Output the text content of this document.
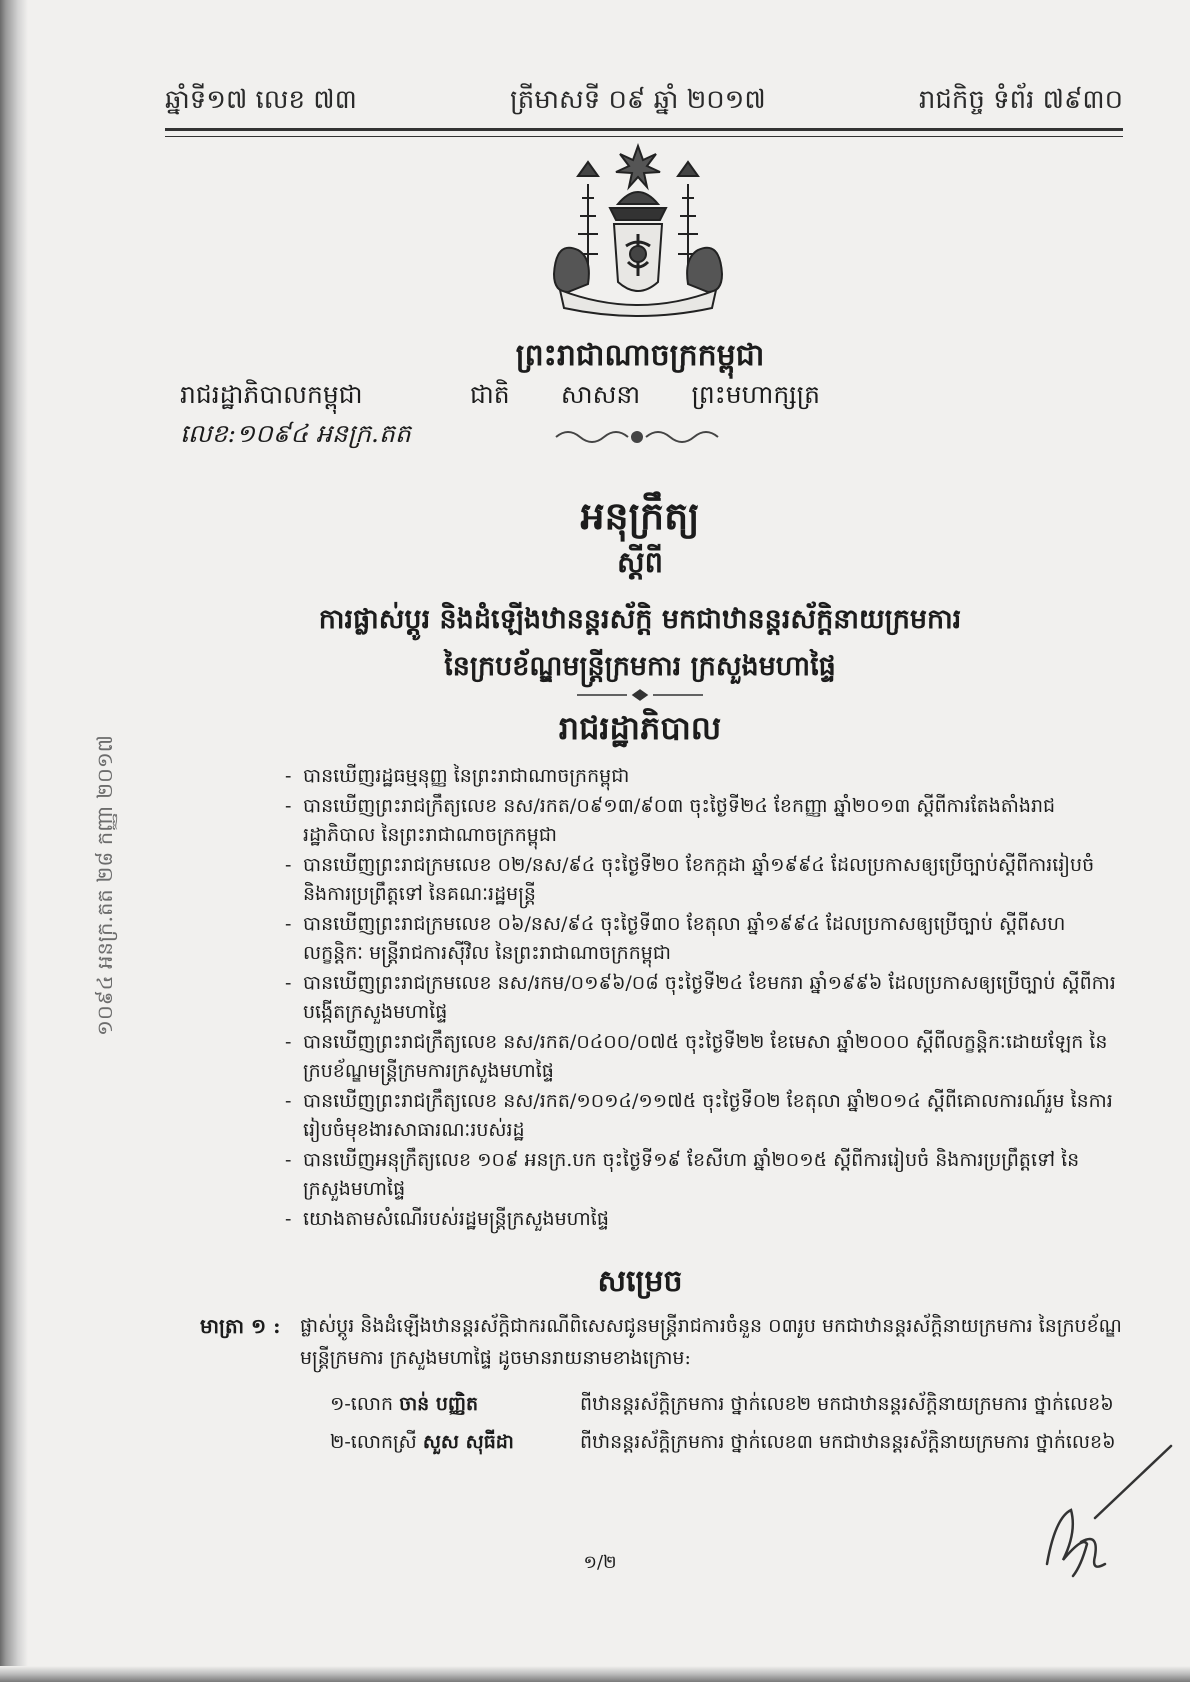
ឆ្នាំទី១៧ លេខ ៧៣	ត្រីមាសទី ០៩ ឆ្នាំ ២០១៧	រាជកិច្ច ទំព័រ ៧៩៣០
ព្រះរាជាណាចក្រកម្ពុជា
ជាតិ សាសនា ព្រះមហាក្សត្រ
រាជរដ្ឋាភិបាលកម្ពុជា
លេខ:១០៩៤ អនក្រ.តត
១០៩៤ អនក្រ.តត ២៨ កញ្ញា ២០១៧
អនុក្រឹត្យ
ស្តីពី
ការផ្លាស់ប្តូរ និងដំឡើងឋានន្តរស័ក្តិ មកជាឋានន្តរស័ក្តិនាយក្រមការ
នៃក្របខ័ណ្ឌមន្ត្រីក្រមការ ក្រសួងមហាផ្ទៃ
រាជរដ្ឋាភិបាល
- បានឃើញរដ្ឋធម្មនុញ្ញ នៃព្រះរាជាណាចក្រកម្ពុជា
- បានឃើញព្រះរាជក្រឹត្យលេខ នស/រកត/០៩១៣/៩០៣ ចុះថ្ងៃទី២៤ ខែកញ្ញា ឆ្នាំ២០១៣ ស្តីពីការតែងតាំងរាជរដ្ឋាភិបាល នៃព្រះរាជាណាចក្រកម្ពុជា
- បានឃើញព្រះរាជក្រមលេខ ០២/នស/៩៤ ចុះថ្ងៃទី២០ ខែកក្កដា ឆ្នាំ១៩៩៤ ដែលប្រកាសឲ្យប្រើច្បាប់ស្តីពីការរៀបចំ និងការប្រព្រឹត្តទៅ នៃគណៈរដ្ឋមន្ត្រី
- បានឃើញព្រះរាជក្រមលេខ ០៦/នស/៩៤ ចុះថ្ងៃទី៣០ ខែតុលា ឆ្នាំ១៩៩៤ ដែលប្រកាសឲ្យប្រើច្បាប់ ស្តីពីសហលក្ខន្តិកៈ មន្ត្រីរាជការស៊ីវិល នៃព្រះរាជាណាចក្រកម្ពុជា
- បានឃើញព្រះរាជក្រមលេខ នស/រកម/០១៩៦/០៨ ចុះថ្ងៃទី២៤ ខែមករា ឆ្នាំ១៩៩៦ ដែលប្រកាសឲ្យប្រើច្បាប់ ស្តីពីការបង្កើតក្រសួងមហាផ្ទៃ
- បានឃើញព្រះរាជក្រឹត្យលេខ នស/រកត/០៤០០/០៧៥ ចុះថ្ងៃទី២២ ខែមេសា ឆ្នាំ២០០០ ស្តីពីលក្ខន្តិកៈដោយឡែក នៃក្របខ័ណ្ឌមន្ត្រីក្រមការក្រសួងមហាផ្ទៃ
- បានឃើញព្រះរាជក្រឹត្យលេខ នស/រកត/១០១៤/១១៧៥ ចុះថ្ងៃទី០២ ខែតុលា ឆ្នាំ២០១៤ ស្តីពីគោលការណ៍រួម នៃការរៀបចំមុខងារសាធារណៈរបស់រដ្ឋ
- បានឃើញអនុក្រឹត្យលេខ ១០៩ អនក្រ.បក ចុះថ្ងៃទី១៩ ខែសីហា ឆ្នាំ២០១៥ ស្តីពីការរៀបចំ និងការប្រព្រឹត្តទៅ នៃក្រសួងមហាផ្ទៃ
- យោងតាមសំណើរបស់រដ្ឋមន្ត្រីក្រសួងមហាផ្ទៃ
សម្រេច
មាត្រា ១ :	ផ្លាស់ប្តូរ និងដំឡើងឋានន្តរស័ក្តិជាករណីពិសេសជូនមន្ត្រីរាជការចំនួន ០៣រូប មកជាឋានន្តរស័ក្តិនាយក្រមការ នៃក្របខ័ណ្ឌមន្ត្រីក្រមការ ក្រសួងមហាផ្ទៃ ដូចមានរាយនាមខាងក្រោម:
១-លោក ចាន់ បញ្ញិត	ពីឋានន្តរស័ក្តិក្រមការ ថ្នាក់លេខ២ មកជាឋានន្តរស័ក្តិនាយក្រមការ ថ្នាក់លេខ៦
២-លោកស្រី សួស សុធីដា	ពីឋានន្តរស័ក្តិក្រមការ ថ្នាក់លេខ៣ មកជាឋានន្តរស័ក្តិនាយក្រមការ ថ្នាក់លេខ៦
១/២
